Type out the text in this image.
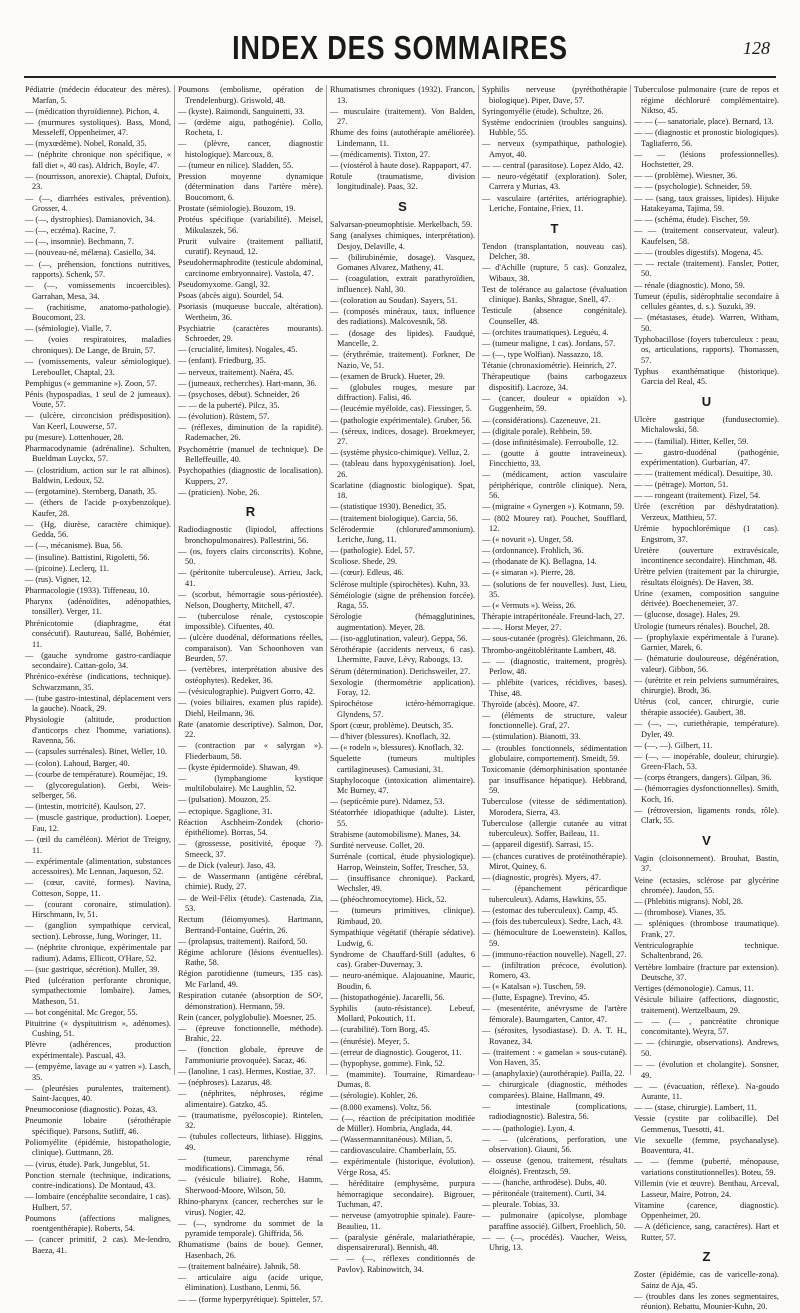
INDEX DES SOMMAIRES	128
Pédiatrie (médecin éducateur des mères). Marfan, 5.
— (médication thyroïdienne). Pichon, 4.
— (murmures systoliques). Bass, Mond, Messeleff, Oppenheimer, 47.
— (myxœdème). Nobel, Ronald, 35.
— (néphrite chronique non spécifique, « fall diet », 40 cas). Aldrich, Boyle, 47.
— (nourrisson, anorexie). Chaptal, Dufoix, 23.
— (—, diarrhées estivales, prévention). Grosser, 4.
— (—, dystrophies). Damianovich, 34.
— (—, eczéma). Racine, 7.
— (—, insomnie). Bechmann, 7.
— (nouveau-né, mélæna). Casiello, 34.
— (—, préhension, fonctions nutritives, rapports). Schenk, 57.
— (—, vomissements incoercibles). Garrahan, Mesa, 34.
— (rachitisme, anatomo-pathologie). Boucomont, 23.
— (sémiologie). Vialle, 7.
— (voies respiratoires, maladies chroniques). De Lange, de Bruin, 57.
— (vomissements, valeur sémiologique). Lereboullet, Chaptal, 23.
Pemphigus (« gemmanine »). Zoon, 57.
Pénis (hypospadias, 1 seul de 2 jumeaux). Voute, 57.
— (ulcère, circoncision prédisposition). Van Keerl, Louwerse, 57.
pu (mesure). Lottenhouer, 28.
Pharmacodynamie (adrénaline). Schulten, Bueldman Luyckx, 57.
— (clostridium, action sur le rat albinos). Baldwin, Ledoux, 52.
— (ergotamine). Sternberg, Danath, 35.
— (éthers de l'acide p-oxybenzoïque). Kaufer, 28.
— (Hg, diurèse, caractère chimique). Gedda, 56.
— (—, mécanisme). Bua, 56.
— (insuline). Battistini, Rigoletti, 56.
— (picoine). Leclerq, 11.
— (rus). Vigner, 12.
Pharmacologie (1933). Tiffeneau, 10.
Pharynx (adénoïdites, adénopathies, tonsiller). Verger, 11.
Phrénicotomie (diaphragme, état consécutif). Rautureau, Sallé, Bohémier, 11.
— (gauche syndrome gastro-cardiaque secondaire). Cattan-golo, 34.
Phrénico-exérèse (indications, technique). Schwarzmann, 35.
— (tube gastro-intestinal, déplacement vers la gauche). Noack, 29.
Physiologie (altitude, production d'anticorps chez l'homme, variations). Ravenna, 56.
— (capsules surrénales). Binet, Weller, 10.
— (colon). Lahoud, Barger, 40.
— (courbe de température). Rouméjac, 19.
— (glycoregulation). Gerbi, Weis-selberger, 56.
— (intestin, motricité). Kaulson, 27.
— (muscle gastrique, production). Loeper, Fau, 12.
— (œil du caméléon). Mériot de Treigny, 11.
— expérimentale (alimentation, substances accessoires). Mc Lennan, Jaqueson, 52.
— (cœur, cavité, formes). Navina, Cotteson, Soppe, 11.
— (courant coronaire, stimulation). Hirschmann, Iv, 51.
— (ganglion sympathique cervical, section). Lebrosse, Jung, Woringer, 11.
— (néphrite chronique, expérimentale par radium). Adams, Ellicott, O'Hare, 52.
— (suc gastrique, sécrétion). Muller, 39.
Pied (ulcération perforante chronique, sympathectomie lombaire). James, Matheson, 51.
— bot congénital. Mc Gregor, 55.
Pituitrine (« dyspituitrism », adénomes). Cushing, 51.
Plèvre (adhérences, production expérimentale). Pascual, 43.
— (empyème, lavage au « yatren »). Lasch, 35.
— (pleurésies purulentes, traitement). Saint-Jacques, 40.
Pneumoconiose (diagnostic). Pozas, 43.
Pneumonie lobaire (sérothérapie spécifique). Parsons, Sutliff, 46.
Poliomyélite (épidémie, histopathologie, clinique). Guttmann, 28.
— (virus, étude). Park, Jungeblut, 51.
Ponction sternale (technique, indications, contre-indications). De Montaud, 43.
— lombaire (encéphalite secondaire, 1 cas). Hulbert, 57.
Poumons (affections malignes, roentgenthérapie). Roberts, 54.
— (cancer primitif, 2 cas). Me-lendro, Baeza, 41.
Poumons (embolisme, opération de Trendelenburg). Griswold, 48.
— (kyste). Raimondi, Sanguinetti, 33.
— (œdème aigu, pathogénie). Collo, Rocheta, 1.
— (plèvre, cancer, diagnostic histologique). Marcoux, 8.
— (tumeur en nilice). Sladden, 55.
Pression moyenne dynamique (détermination dans l'artère mère). Boucomont, 6.
Prostate (sémiologie). Bouzom, 19.
Protéus spécifique (variabilité). Meisel, Mikulaszek, 56.
Prurit vulvaire (traitement palliatif, curatif). Reynaud, 12.
Pseudohermaphrodite (testicule abdominal, carcinome embryonnaire). Vastola, 47.
Pseudomyxome. Gangl, 32.
Psoas (abcès aigu). Sourdel, 54.
Psoriasis (muqueuse buccale, altération). Wertheim, 36.
Psychiatrie (caractères mourants). Schroeder, 29.
— (crucialité, limites). Nogales, 45.
— (enfant). Friedburg, 35.
— nerveux, traitement). Naéra, 45.
— (jumeaux, recherches). Hart-mann, 36.
— (psychoses, début). Schneider, 26
— — de la puberté). Pilcz, 35.
— (évolution). Rüstem, 57.
— (réflexes, diminution de la rapidité). Rademacher, 26.
Psychométrie (manuel de technique). De Belleffeuille, 40.
Psychopathies (diagnostic de localisation). Kuppers, 27.
— (praticien). Nobe, 26.
R
Radiodiagnostic (lipiodol, affections bronchopulmonaires). Pallestrini, 56.
— (os, foyers clairs circonscrits). Kohne, 50.
— (péritonite tuberculeuse). Arrieu, Jack, 41.
— (scorbut, hémorragie sous-périostée). Nelson, Dougherty, Mitchell, 47.
— (tuberculose rénale, cystoscopie impossible). Cifuentes, 40.
— (ulcère duodénal, déformations réelles, comparaison). Van Schoonhoven van Beurden, 57.
— (vertèbres, interprétation abusive des ostéophytes). Redeker, 36.
— (vésiculographie). Puigvert Gorro, 42.
— (voies biliaires, examen plus rapide). Diehl, Heilmann, 36.
Rate (anatomie descriptive). Salmon, Dor, 22.
— (contraction par « salyrgan »). Fliederbaum, 58.
— (kyste épidermoïde). Shawan, 49.
— (lymphangiome kystique multilobulaire). Mc Laughlin, 52.
— (pulsation). Mouzon, 25.
— ectopique. Sgaglione, 31.
Réaction Aschheim-Zondek (chorio-épithéliome). Borras, 54.
— (grossesse, positivité, époque ?). Smeeck, 37.
— de Dick (valeur). Jaso, 43.
— de Wassermann (antigène cérébral, chimie). Rudy, 27.
— de Weil-Félix (étude). Castenada, Zia, 53.
Rectum (léiomyomes). Hartmann, Bertrand-Fontaine, Guérin, 26.
— (prolapsus, traitement). Raiford, 50.
Régime achlorure (lésions éventuelles). Rathe, 58.
Région parotidienne (tumeurs, 135 cas). Mc Farland, 49.
Respiration cutanée (absorption de SO², démonstration). Hermann, 59.
Rein (cancer, polyglobulie). Moesner, 25.
— (épreuve fonctionnelle, méthode). Brahic, 22.
— (fonction globale, épreuve de l'ammoniurie provoquée). Sacaz, 46.
— (lanoline, 1 cas). Hermes, Kostiae, 37.
— (néphroses). Lazarus, 48.
— (néphrites, néphroses, régime alimentaire). Gatzko, 45.
— (traumatisme, pyéloscopie). Rintelen, 32.
— (tubules collecteurs, lithiase). Higgins, 49.
— (tumeur, parenchyme rénal modifications). Cimmaga, 56.
— (vésicule biliaire). Rohe, Hamm, Sherwood-Moore, Wilson, 50.
Rhino-pharynx (cancer, recherches sur le virus). Nogier, 42.
— (—, syndrome du sommet de la pyramide temporale). Ghiffrida, 56.
Rhumatisme (bains de boue). Genner, Hasenbach, 26.
— (traitement balnéaire). Jahnik, 58.
— articulaire aigu (acide urique, élimination). Lustbano, Lenmi, 56.
— — (forme hyperpyrétique). Spitteler, 57.
Rhumatismes chroniques (1932). Francon, 13.
— musculaire (traitement). Von Balden, 27.
Rhume des foins (autothérapie améliorée). Lindemann, 11.
— (médicaments). Tixton, 27.
— (viostérol à haute dose). Rappaport, 47.
Rotule (traumatisme, division longitudinale). Paas, 32.
S
Salvarsan-pneumophtisie. Merkelbach, 59.
Sang (analyses chimiques, interprétation). Desjoy, Delaville, 4.
— (bilirubinémie, dosage). Vasquez, Gomanes Alvarez, Matheny, 41.
— (coagulation, extrait parathyroïdien, influence). Nahl, 30.
— (coloration au Soudan). Sayers, 51.
— (composés minéraux, taux, influence des radiations). Malcovesnik, 58.
— (dosage des lipides). Faudqué, Mancelle, 2.
— (érythrémie, traitement). Forkner, De Nazio, Ve, 51.
— (examen de Bruck). Hueter, 29.
— (globules rouges, mesure par diffraction). Falisi, 46.
— (leucémie myéloïde, cas). Fiessinger, 5.
— (pathologie expérimentale). Gruber, 56.
— (séreux, indices, dosage). Broekmeyer, 27.
— (système physico-chimique). Velluz, 2.
— (tableau dans hypoxygénisation). Joel, 26.
Scarlatine (diagnostic biologique). Spat, 18.
— (statistique 1930). Benedict, 35.
— (traitement biologique). Garcia, 56.
Sclérodermie (chlorured'ammonium). Leriche, Jung, 11.
— (pathologie). Edel, 57.
Scoliose. Shede, 29.
— (cœur). Edleus, 46.
Sclérose multiple (spirochètes). Kuhn, 33.
Séméiologie (signe de préhension forcée). Raga, 55.
Sérologie (hémagglutinines, augmentation). Meyer, 28.
— (iso-agglutination, valeur). Geppa, 56.
Sérothérapie (accidents nerveux, 6 cas). Lhermitte, Fauve, Lévy, Rabougs, 13.
Sérum (détermination). Derichsweiler, 27.
Sexologie (thermométrie application). Foray, 12.
Spirochétose ictéro-hémorragique. Glyndens, 57.
Sport (cœur, problème). Deutsch, 35.
— d'hiver (blessures). Knoflach, 32.
— (« rodeln », blessures). Knoflach, 32.
Squelette (tumeurs multiples cartilagineuses). Camusiani, 31.
Staphylocoque (intoxication alimentaire). Mc Burney, 47.
— (septicémie pure). Ndamez, 53.
Stéatorrhée idiopathique (adulte). Lister, 55.
Strabisme (automobilisme). Manes, 34.
Surdité nerveuse. Collet, 20.
Surrénale (cortical, étude physiologique). Harrop, Weinstein, Soffer, Trescher, 53.
— (insuffisance chronique). Packard, Wechsler, 49.
— (phéochromocytome). Hick, 52.
— (tumeurs primitives, clinique). Rimbaud, 20.
Sympathique végétatif (thérapie sédative). Ludwig, 6.
Syndrome de Chauffard-Still (adultes, 6 cas). Graber-Duvernay, 3.
— neuro-anémique. Alajouanine, Mauric, Boudin, 6.
— (histopathogénie). Jacarelli, 56.
Syphilis (auto-résistance). Lebeuf, Mollard, Pokoutich, 11.
— (curabilité). Torn Borg, 45.
— (énurésie). Meyer, 5.
— (erreur de diagnostic). Gougerot, 11.
— (hypophyse, gomme). Fink, 52.
— (mammite). Tourraine, Rimardeau-Dumas, 8.
— (sérologie). Kohler, 26.
— (8.000 examens). Voltz, 56.
— (—, réaction de précipitation modifiée de Müller). Hombria, Anglada, 44.
— (Wassermannitanéous). Milian, 5.
— cardiovasculaire. Chamberlain, 55.
— expérimentale (historique, évolution). Vérge Rosa, 45.
— héréditaire (emphysème, purpura hémorragique secondaire). Bigrouer, Tuchman, 47.
— nerveuse (amyotrophie spinale). Faure-Beaulieu, 11.
— (paralysie générale, malariathérapie, dispensairerural). Bennish, 48.
— — (—, réflexes conditionnés de Pavlov). Rabinowitch, 34.
Syphilis nerveuse (pyréthothérapie biologique). Piper, Dave, 57.
Syringomyélie (étude). Schultze, 26.
Système endocrinien (troubles sanguins). Hubble, 55.
— nerveux (sympathique, pathologie). Amyot, 40.
— — central (parasitose). Lopez Aldo, 42.
— neuro-végétatif (exploration). Soler, Carrera y Murias, 43.
— vasculaire (artérites, artériographie). Leriche, Fontaine, Friex, 11.
T
Tendon (transplantation, nouveau cas). Delcher, 38.
— d'Achille (rupture, 5 cas). Gonzalez, Wibaux, 38.
Test de tolérance au galactose (évaluation clinique). Banks, Shrague, Snell, 47.
Testicule (absence congénitale). Counseller, 48.
— (orchites traumatiques). Leguéu, 4.
— (tumeur maligne, 1 cas). Jordans, 57.
— (—, type Wolfian). Nassazzo, 18.
Tétanie (chronaxiométrie). Heinrich, 27.
Thérapeutique (bains carbogazeux dispositif). Lacroze, 34.
— (cancer, douleur « opiaïdon »). Guggenheim, 59.
— (considérations). Cazeneuve, 21.
— (digitale porale). Rehbein, 59.
— (dose infinitésimale). Ferroubolle, 12.
— (goutte à goutte intraveineux). Fincchietto, 33.
— (médicament, action vasculaire périphérique, contrôle clinique). Nera, 56.
— (migraine « Gynergen »). Kotmann, 59.
— (802 Mourey rat). Pouchet, Soufflard, 12.
— (« novurit »). Unger, 58.
— (ordonnance). Frohlich, 36.
— (rhodanate de K). Bellagna, 14.
— (« simaran »). Pierre, 28.
— (solutions de fer nouvelles). Just, Lieu, 35.
— (« Vermuts »). Weiss, 26.
Thérapie intrapéritonéale. Freund-lach, 27.
— —. Horst Meyer, 27.
— sous-cutanée (progrès). Gleichmann, 26.
Thrombo-angéitobléritante Lambert, 48.
— — (diagnostic, traitement, progrès). Perlow, 48.
— phlébite (varices, récidives, bases). Thise, 48.
Thyroïde (abcès). Moore, 47.
— (éléments de structure, valeur fonctionnelle). Graf, 27.
— (stimulation). Bianotti, 33.
— (troubles fonctionnels, sédimentation globulaire, comportement). Smeidt, 59.
Toxicomanie (démorphinisation spontanée par insuffisance hépatique). Hebbrand, 59.
Tuberculose (vitesse de sédimentation). Morodera, Sierra, 43.
Tuberculose (allergie cutanée au vitrat tuberculeux). Soffer, Baileau, 11.
— (appareil digestif). Sarrasi, 15.
— (chances curatives de protéinothérapie). Mirot, Quiney, 6.
— (diagnostic, progrès). Myers, 47.
— (épanchement péricardique tuberculeux). Adams, Hawkins, 55.
— (estomac des tuberculeux). Camp, 45.
— (fois des tuberculeux). Sedre, Lach, 43.
— (hémoculture de Loewenstein). Kallos, 59.
— (immuno-réaction nouvelle). Nagell, 27.
— (infiltration précoce, évolution). Romero, 43.
— (« Katalsan »). Tuschen, 59.
— (lutte, Espagne). Trevino, 45.
— (mesentérite, anévrysme de l'artère fémorale). Baumgarten, Cantor, 47.
— (sérosites, lysodiastase). D. A. T. H., Rovanez, 34.
— (traitement : « gamelan » sous-cutané). Von Haven, 35.
— (anaphylaxie) (aurothérapie). Pailla, 22.
— chirurgicale (diagnostic, méthodes comparées). Blaine, Hallmann, 49.
— intestinale (complications, radiodiagnostic). Balestra, 56.
— — (pathologie). Lyon, 4.
— — (ulcérations, perforation, une observation). Giauni, 56.
— osseuse (genou, traitement, résultats éloignés). Frentzsch, 59.
— — (hanche, arthrodèse). Dubs, 40.
— péritonéale (traitement). Curti, 34.
— pleurale. Tobias, 33.
— pulmonaire (apicolyse, plombage paraffine associé). Gilbert, Froehlich, 50.
— — (—, procédés). Vaucher, Weiss, Uhrig, 13.
Tuberculose pulmonaire (cure de repos et régime déchloruré complémentaire). Niktso, 45.
— — (— sanatoriale, place). Bernard, 13.
— — (diagnostic et pronostic biologiques). Tagliaferro, 56.
— — (lésions professionnelles). Hochstetter, 29.
— — (problème). Wiesner, 36.
— — (psychologie). Schneider, 59.
— — (sang, taux graisses, lipides). Hijuke Hatakeyama, Tajima, 59.
— — (schéma, étude). Fischer, 59.
— — (traitement conservateur, valeur). Kaufelsen, 58.
— — (troubles digestifs). Mogena, 45.
— — rectale (traitement). Fansler, Potter, 50.
— rénale (diagnostic). Mono, 59.
Tumeur (épulis, sidérophtalie secondaire à cellules géantes, d. s.). Suzuki, 39.
— (métastases, étude). Warren, Witham, 50.
Typhobacillose (foyers tuberculeux : peau, os, articulations, rapports). Thomassen, 57.
Typhus exanthématique (historique). Garcia del Real, 45.
U
Ulcère gastrique (fundusectomie). Michalowski, 58.
— — (familial). Hitter, Keller, 59.
— gastro-duodénal (pathogénie, expérimentation). Gurbarian, 47.
— — (traitement médical). Desuitipe, 30.
— — (pétrage). Morton, 51.
— — rongeant (traitement). Fizel, 54.
Urée (excrétion par déshydratation). Verzeux, Matthieu, 57.
Urémie hypochlorémique (1 cas). Engstrom, 37.
Uretère (ouverture extravésicale, incontinence secondaire). Hinchman, 48.
Urètre pelvien (traitement par la chirurgie, résultats éloignés). De Haven, 38.
Urine (examen, composition sanguine dérivée). Boechenemeier, 37.
— (glucose, dosage). Hales, 29.
Urologie (tumeurs rénales). Bouchel, 28.
— (prophylaxie expérimentale à l'urane). Garnier, Marek, 6.
— (hématurie douloureuse, dégénération, valeur). Gibbon, 56.
— (urétrite et rein pelviens surnuméraires, chirurgie). Brodt, 36.
Utérus (col, cancer, chirurgie, curie thérapie associée). Gaubert, 38.
— (—, —, curiethérapie, température). Dyler, 49.
— (—, —). Gilbert, 11.
— (—, — inopérable, douleur, chirurgie). Green-Flach, 53.
— (corps étrangers, dangers). Gilpan, 36.
— (hémorragies dysfonctionnelles). Smith, Koch, 16.
— (rétroversion, ligaments ronds, rôle). Clark, 55.
V
Vagin (cloisonnement). Brouhat, Bastin, 37.
Veine (ectasies, sclérose par glycérine chromée). Jaudon, 55.
— (Phlebitis migrans). Nobl, 28.
— (thrombose). Vianes, 35.
— spléniques (thrombose traumatique). Frank, 27.
Ventriculographie technique. Schaltenbrand, 26.
Vertèbre lombaire (fracture par extension). Deutsche, 37.
Vertiges (démonologie). Camus, 11.
Vésicule biliaire (affections, diagnostic, traitement). Wertzelbaum, 29.
— — (— , pancréatite chronique concomitante). Weyra, 57.
— — (chirurgie, observations). Andrews, 50.
— — (évolution et cholangite). Sonsner, 49.
— — (évacuation, réflexe). Na-goudo Aurante, 11.
— — (stase, chirurgie). Lambert, 11.
Vessie (cystite par colibacille). Del Gemmenus, Tuesotti, 41.
Vie sexuelle (femme, psychanalyse). Boaventura, 41.
— — (femme (puberté, ménopause, variations constitutionnelles). Boteu, 59.
Villemin (vie et œuvre). Benthau, Arceval, Lasseur, Maire, Potron, 24.
Vitamine (carence, diagnostic). Oppenheimer, 20.
— A (déficience, sang, caractères). Hart et Rutter, 57.
Z
Zoster (épidémie, cas de varicelle-zona). Sainz de Aja, 45.
— (troubles dans les zones segmentaires, réunion). Rebattu, Mounier-Kuhn, 20.
